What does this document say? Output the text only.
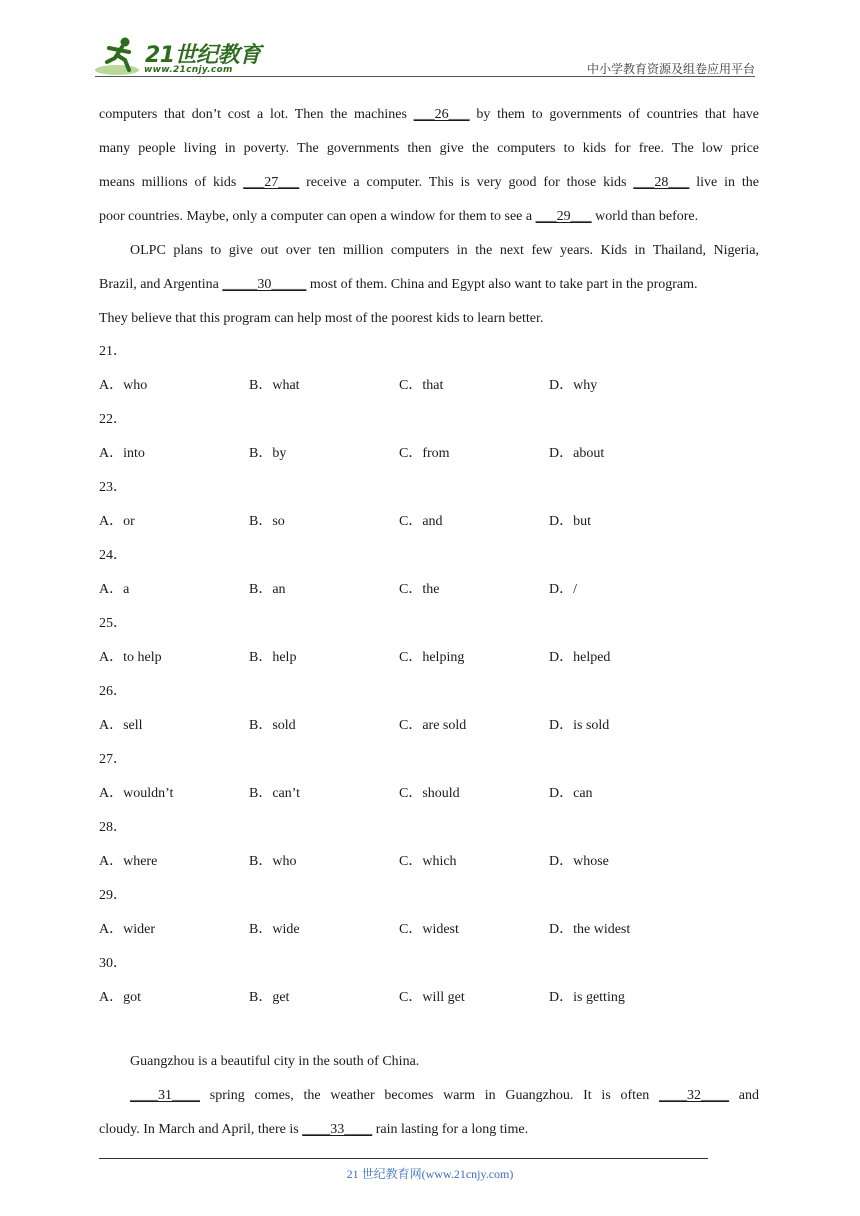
21世纪教育
www.21cnjy.com	中小学教育资源及组卷应用平台
computers that don’t cost a lot. Then the machines ___26___ by them to governments of countries that have
many people living in poverty. The governments then give the computers to kids for free. The low price
means millions of kids ___27___ receive a computer. This is very good for those kids ___28___ live in the
poor countries. Maybe, only a computer can open a window for them to see a ___29___ world than before.
OLPC plans to give out over ten million computers in the next few years. Kids in Thailand, Nigeria,
Brazil, and Argentina _____30_____ most of them. China and Egypt also want to take part in the program.
They believe that this program can help most of the poorest kids to learn better.
21．
A．who	B．what	C．that	D．why
22．
A．into	B．by	C．from	D．about
23．
A．or	B．so	C．and	D．but
24．
A．a	B．an	C．the	D．/
25．
A．to help	B．help	C．helping	D．helped
26．
A．sell	B．sold	C．are sold	D．is sold
27．
A．wouldn’t	B．can’t	C．should	D．can
28．
A．where	B．who	C．which	D．whose
29．
A．wider	B．wide	C．widest	D．the widest
30．
A．got	B．get	C．will get	D．is getting
Guangzhou is a beautiful city in the south of China.
____31____ spring comes, the weather becomes warm in Guangzhou. It is often ____32____ and
cloudy. In March and April, there is ____33____ rain lasting for a long time.
21 世纪教育网(www.21cnjy.com)
